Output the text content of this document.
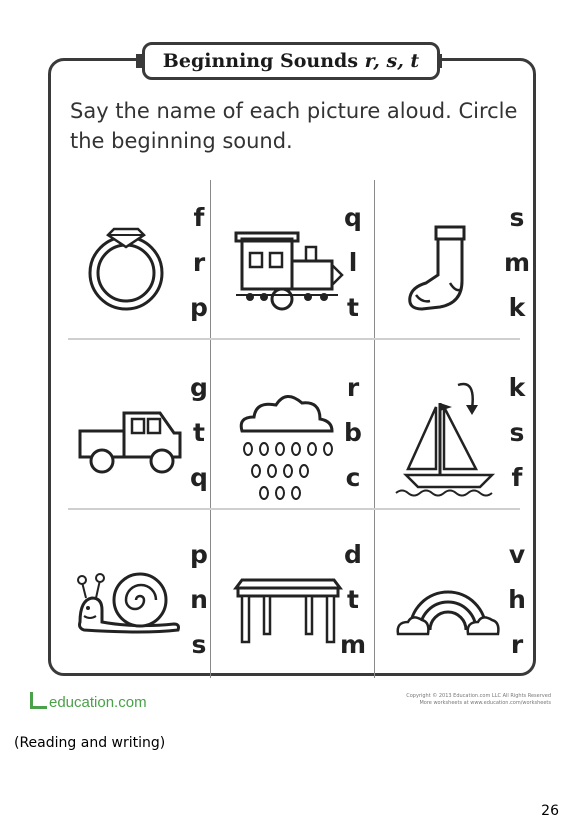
Beginning Sounds
r, s, t
Say the name of each picture aloud. Circle the beginning sound.
f
r
p
q
l
t
s
m
k
g
t
q
r
b
c
k
s
f
p
n
s
d
t
m
v
h
r
education.com	Copyright © 2013 Education.com LLC All Rights Reserved
More worksheets at www.education.com/worksheets
(Reading and writing)
26
